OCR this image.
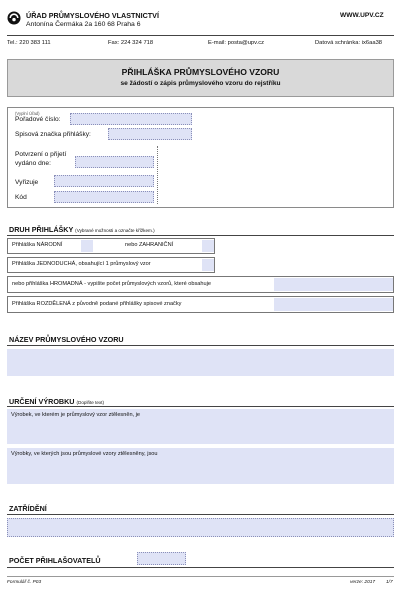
ÚŘAD PRŮMYSLOVÉHO VLASTNICTVÍ
Antonína Čermáka 2a 160 68 Praha 6
WWW.UPV.CZ
Tel.: 220 383 111	Fax: 224 324 718	E-mail: posta@upv.cz	Datová schránka: ix6aa38
PŘIHLÁŠKA PRŮMYSLOVÉHO VZORU
se žádostí o zápis průmyslového vzoru do rejstříku
(Vyplní Úřad)
Pořadové číslo:
Spisová značka přihlášky:
Potvrzení o přijetí
vydáno dne:
Vyřizuje
Kód
DRUH PŘIHLÁŠKY (Vybrané možnosti a označte křížkem.)
Přihláška NÁRODNÍ	nebo ZAHRANIČNÍ
Přihláška JEDNODUCHÁ, obsahující 1 průmyslový vzor
nebo přihláška HROMADNÁ - vypište počet průmyslových vzorů, které obsahuje
Přihláška ROZDĚLENÁ z původně podané přihlášky spisové značky
NÁZEV PRŮMYSLOVÉHO VZORU
URČENÍ VÝROBKU (Doplňte text)
Výrobek, ve kterém je průmyslový vzor ztělesněn, je
Výrobky, ve kterých jsou průmyslové vzory ztělesněny, jsou
ZATŘÍDĚNÍ
POČET PŘIHLAŠOVATELŮ
Formulář č. P03	verze: 2017 1/7
